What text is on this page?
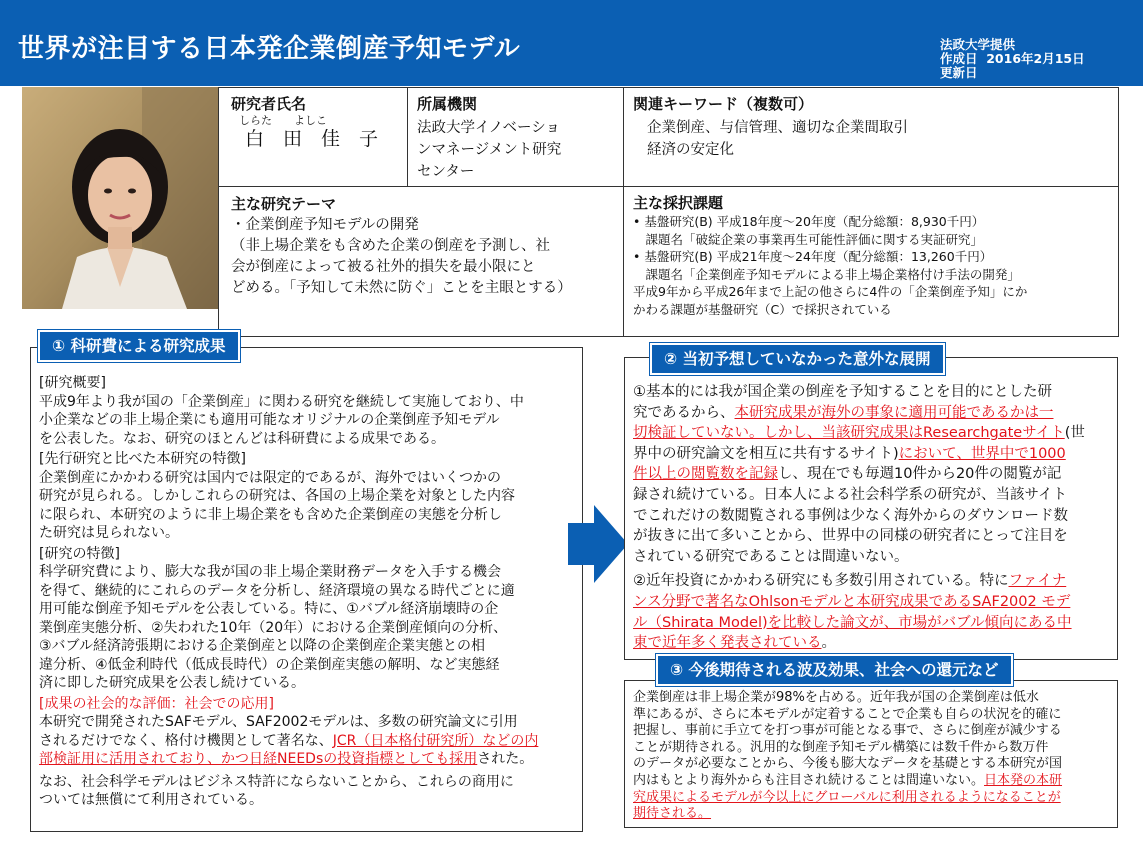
世界が注目する日本発企業倒産予知モデル	法政大学提供
作成日 2016年2月15日
更新日
研究者氏名
しらた　　よしこ
白　田　佳　子
所属機関
法政大学イノベーショ
ンマネージメント研究
センター
関連キーワード（複数可）
企業倒産、与信管理、適切な企業間取引
経済の安定化
主な研究テーマ
・企業倒産予知モデルの開発
（非上場企業をも含めた企業の倒産を予測し、社
会が倒産によって被る社外的損失を最小限にと
どめる。「予知して未然に防ぐ」ことを主眼とする）
主な採択課題
• 基盤研究(B) 平成18年度～20年度（配分総額：8,930千円）
　課題名「破綻企業の事業再生可能性評価に関する実証研究」
• 基盤研究(B) 平成21年度～24年度（配分総額：13,260千円）
　課題名「企業倒産予知モデルによる非上場企業格付け手法の開発」
平成9年から平成26年まで上記の他さらに4件の「企業倒産予知」にか
かわる課題が基盤研究（C）で採択されている
[研究概要]
平成9年より我が国の「企業倒産」に関わる研究を継続して実施しており、中
小企業などの非上場企業にも適用可能なオリジナルの企業倒産予知モデル
を公表した。なお、研究のほとんどは科研費による成果である。
[先行研究と比べた本研究の特徴]
企業倒産にかかわる研究は国内では限定的であるが、海外ではいくつかの
研究が見られる。しかしこれらの研究は、各国の上場企業を対象とした内容
に限られ、本研究のように非上場企業をも含めた企業倒産の実態を分析し
た研究は見られない。
[研究の特徴]
科学研究費により、膨大な我が国の非上場企業財務データを入手する機会
を得て、継続的にこれらのデータを分析し、経済環境の異なる時代ごとに適
用可能な倒産予知モデルを公表している。特に、①バブル経済崩壊時の企
業倒産実態分析、②失われた10年（20年）における企業倒産傾向の分析、
③バブル経済誇張期における企業倒産と以降の企業倒産企業実態との相
違分析、④低金利時代（低成長時代）の企業倒産実態の解明、など実態経
済に即した研究成果を公表し続けている。
[成果の社会的な評価：社会での応用]
本研究で開発されたSAFモデル、SAF2002モデルは、多数の研究論文に引用
されるだけでなく、格付け機関として著名な、JCR（日本格付研究所）などの内
部検証用に活用されており、かつ日経NEEDsの投資指標としても採用された。
なお、社会科学モデルはビジネス特許にならないことから、これらの商用に
ついては無償にて利用されている。
① 科研費による研究成果
①基本的には我が国企業の倒産を予知することを目的にとした研
究であるから、本研究成果が海外の事象に適用可能であるかは一
切検証していない。しかし、当該研究成果はResearchgateサイト(世
界中の研究論文を相互に共有するサイト)において、世界中で1000
件以上の閲覧数を記録し、現在でも毎週10件から20件の閲覧が記
録され続けている。日本人による社会科学系の研究が、当該サイト
でこれだけの数閲覧される事例は少なく海外からのダウンロード数
が抜きに出て多いことから、世界中の同様の研究者にとって注目を
されている研究であることは間違いない。
②近年投資にかかわる研究にも多数引用されている。特にファイナ
ンス分野で著名なOhlsonモデルと本研究成果であるSAF2002 モデ
ル（Shirata Model)を比較した論文が、市場がバブル傾向にある中
東で近年多く発表されている。
② 当初予想していなかった意外な展開
企業倒産は非上場企業が98%を占める。近年我が国の企業倒産は低水
準にあるが、さらに本モデルが定着することで企業も自らの状況を的確に
把握し、事前に手立てを打つ事が可能となる事で、さらに倒産が減少する
ことが期待される。汎用的な倒産予知モデル構築には数千件から数万件
のデータが必要なことから、今後も膨大なデータを基礎とする本研究が国
内はもとより海外からも注目され続けることは間違いない。日本発の本研
究成果によるモデルが今以上にグローバルに利用されるようになることが
期待される。
③ 今後期待される波及効果、社会への還元など
